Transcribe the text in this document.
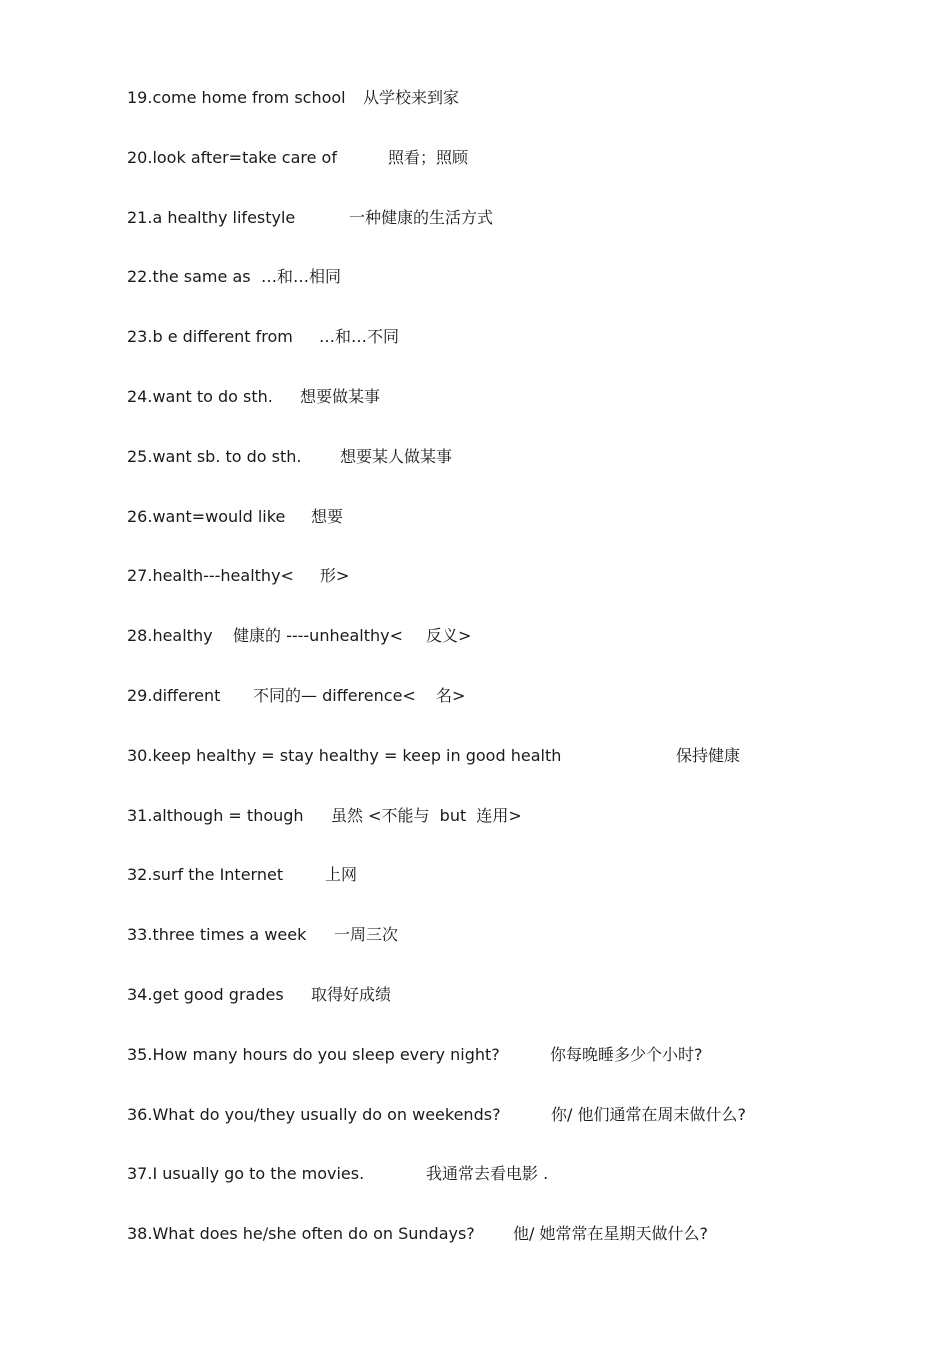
19.come home from school 从学校来到家
20.look after=take care of	照看；照顾
21.a healthy lifestyle	一种健康的生活方式
22.the same as …和…相同
23.b e different from …和…不同
24.want to do sth. 想要做某事
25.want sb. to do sth. 想要某人做某事
26.want=would like 想要
27.health---healthy< 形>
28.healthy 健康的 ----unhealthy< 反义>
29.different 不同的— difference< 名>
30.keep healthy = stay healthy = keep in good health	保持健康
31.although = though 虽然 <不能与  but  连用>
32.surf the Internet	上网
33.three times a week 一周三次
34.get good grades 取得好成绩
35.How many hours do you sleep every night?	你每晚睡多少个小时?
36.What do you/they usually do on weekends?	你/ 他们通常在周末做什么?
37.I usually go to the movies.	我通常去看电影 .
38.What does he/she often do on Sundays? 他/ 她常常在星期天做什么?
